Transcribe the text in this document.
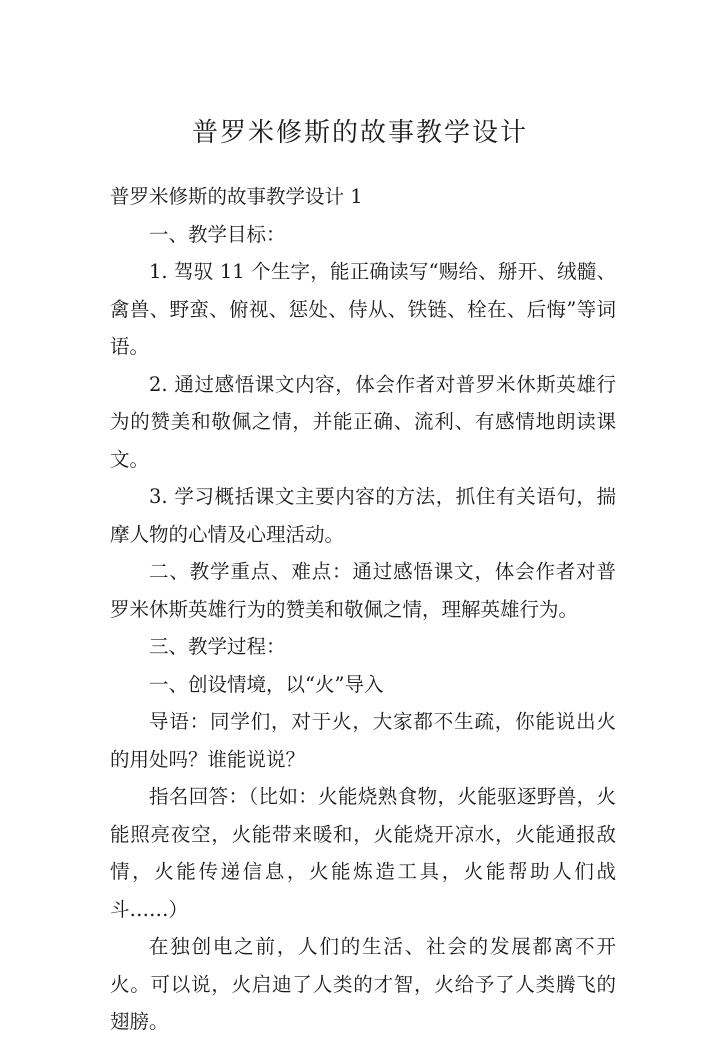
普罗米修斯的故事教学设计

普罗米修斯的故事教学设计 1

一、教学目标：

1. 驾驭 11 个生字，能正确读写“赐给、掰开、绒髓、禽兽、野蛮、俯视、惩处、侍从、铁链、栓在、后悔”等词语。

2. 通过感悟课文内容，体会作者对普罗米休斯英雄行为的赞美和敬佩之情，并能正确、流利、有感情地朗读课文。

3. 学习概括课文主要内容的方法，抓住有关语句，揣摩人物的心情及心理活动。

二、教学重点、难点：通过感悟课文，体会作者对普罗米休斯英雄行为的赞美和敬佩之情，理解英雄行为。

三、教学过程：

一、创设情境，以“火”导入

导语：同学们，对于火，大家都不生疏，你能说出火的用处吗？谁能说说？

指名回答：（比如：火能烧熟食物，火能驱逐野兽，火能照亮夜空，火能带来暖和，火能烧开凉水，火能通报敌情，火能传递信息，火能炼造工具，火能帮助人们战斗……）

在独创电之前，人们的生活、社会的发展都离不开火。可以说，火启迪了人类的才智，火给予了人类腾飞的翅膀。
